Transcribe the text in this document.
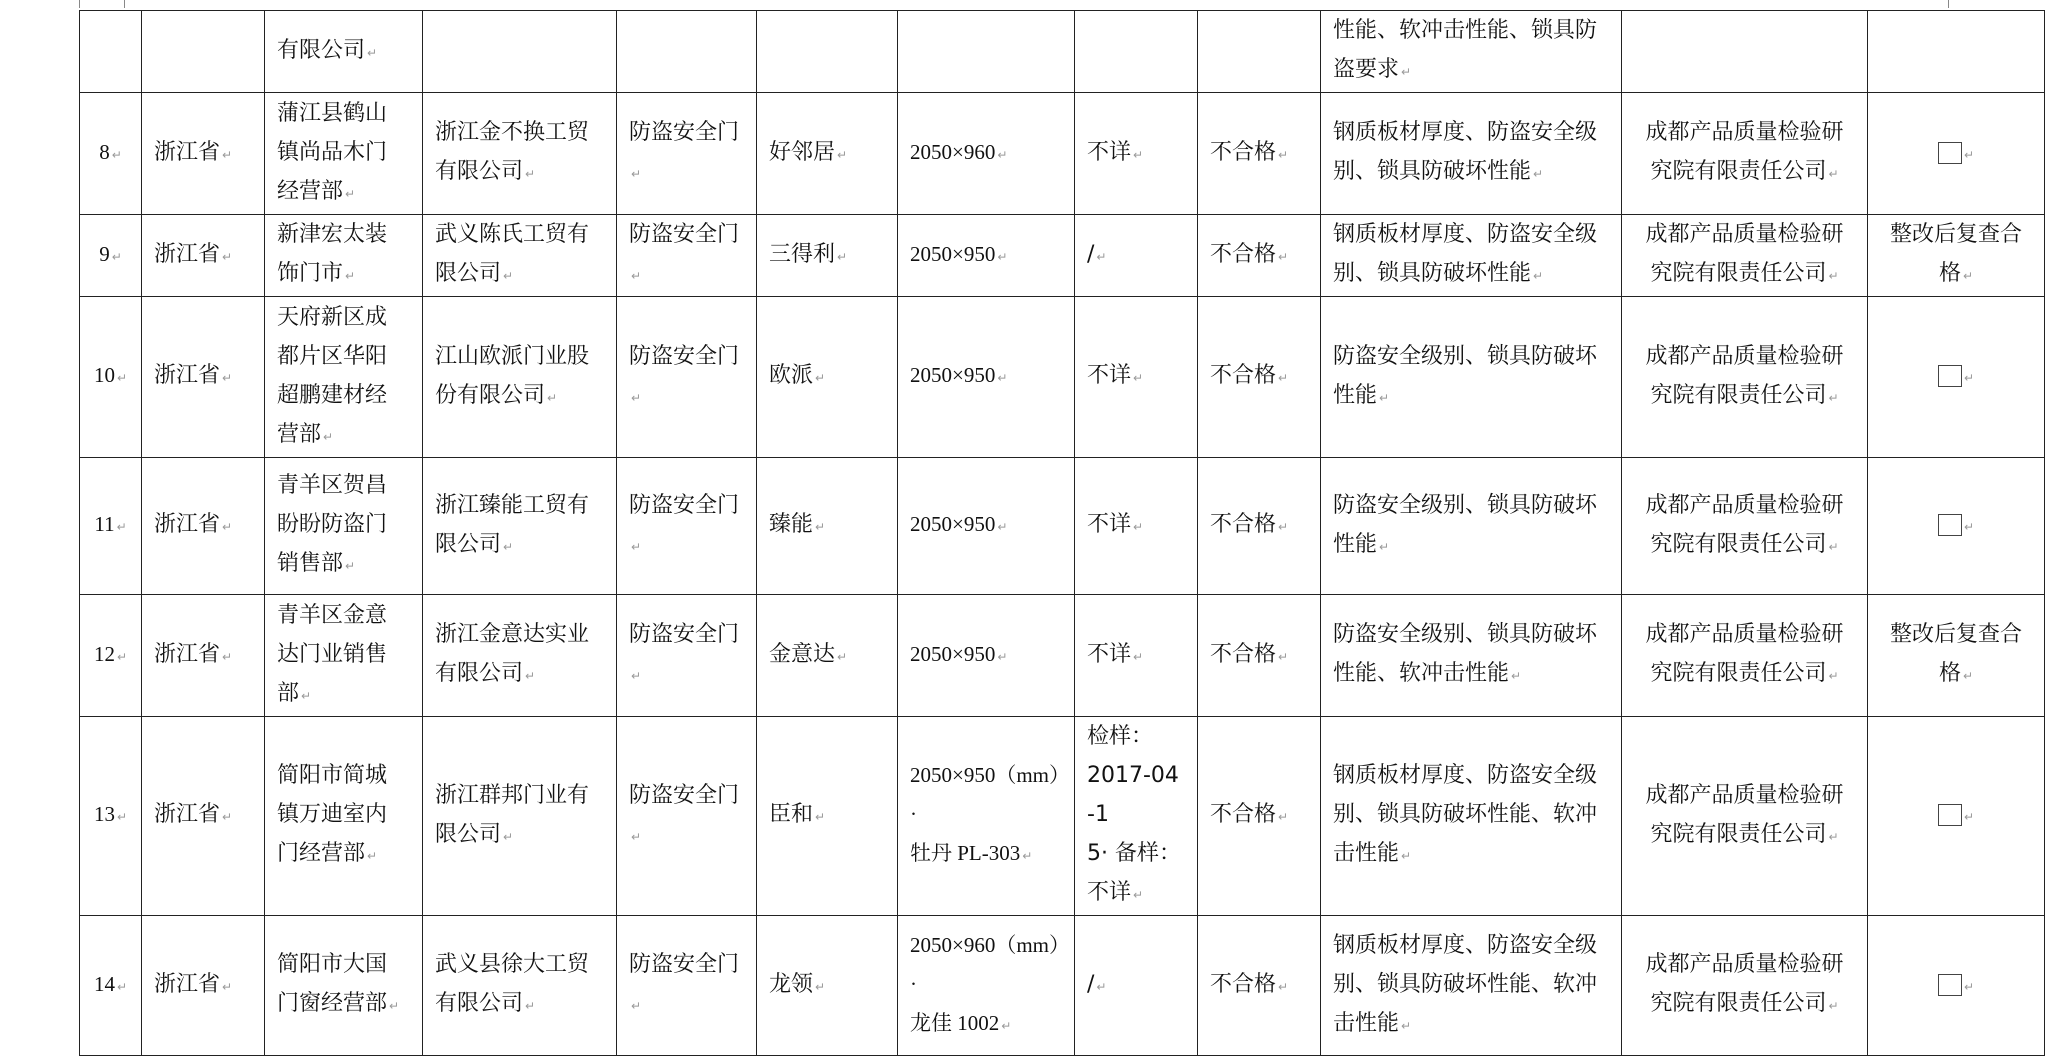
		有限公司 ↵							性能、软冲击性能、锁具防
盗要求 ↵		

8 ↵	浙江省 ↵	蒲江县鹤山
镇尚品木门
经营部 ↵	浙江金不换工贸
有限公司 ↵	防盗安全门↵	好邻居 ↵	2050×960 ↵	不详 ↵	不合格 ↵	钢质板材厚度、防盗安全级
别、锁具防破坏性能 ↵	成都产品质量检验研
究院有限责任公司 ↵	↵
9 ↵	浙江省 ↵	新津宏太装
饰门市 ↵	武义陈氏工贸有
限公司 ↵	防盗安全门↵	三得利 ↵	2050×950 ↵	/ ↵	不合格 ↵	钢质板材厚度、防盗安全级
别、锁具防破坏性能 ↵	成都产品质量检验研
究院有限责任公司 ↵	整改后复查合格 ↵
10 ↵	浙江省 ↵	天府新区成
都片区华阳
超鹏建材经
营部 ↵	江山欧派门业股
份有限公司 ↵	防盗安全门↵	欧派 ↵	2050×950 ↵	不详 ↵	不合格 ↵	防盗安全级别、锁具防破坏
性能 ↵	成都产品质量检验研
究院有限责任公司 ↵	↵
11 ↵	浙江省 ↵	青羊区贺昌
盼盼防盗门
销售部 ↵	浙江臻能工贸有
限公司 ↵	防盗安全门↵	臻能 ↵	2050×950 ↵	不详 ↵	不合格 ↵	防盗安全级别、锁具防破坏
性能 ↵	成都产品质量检验研
究院有限责任公司 ↵	↵
12 ↵	浙江省 ↵	青羊区金意
达门业销售
部 ↵	浙江金意达实业
有限公司 ↵	防盗安全门↵	金意达 ↵	2050×950 ↵	不详 ↵	不合格 ↵	防盗安全级别、锁具防破坏
性能、软冲击性能 ↵	成都产品质量检验研
究院有限责任公司 ↵	整改后复查合格 ↵
13 ↵	浙江省 ↵	简阳市简城
镇万迪室内
门经营部 ↵	浙江群邦门业有
限公司 ↵	防盗安全门↵	臣和 ↵	2050×950（mm）·
牡丹 PL-303 ↵	检样：
2017-04-1
5· 备样：
不详 ↵	不合格 ↵	钢质板材厚度、防盗安全级
别、锁具防破坏性能、软冲
击性能 ↵	成都产品质量检验研
究院有限责任公司 ↵	↵
14 ↵	浙江省 ↵	简阳市大国
门窗经营部 ↵	武义县徐大工贸
有限公司 ↵	防盗安全门↵	龙领 ↵	2050×960（mm）·
龙佳 1002 ↵	/ ↵	不合格 ↵	钢质板材厚度、防盗安全级
别、锁具防破坏性能、软冲
击性能 ↵	成都产品质量检验研
究院有限责任公司 ↵	↵
